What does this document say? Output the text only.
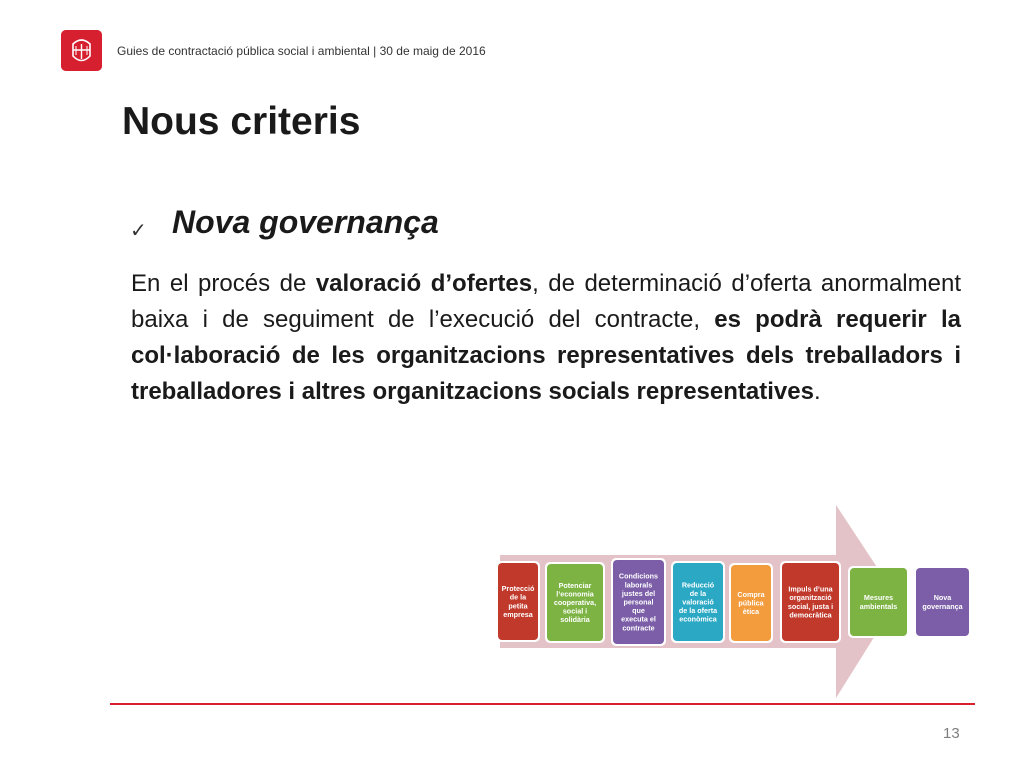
Guies de contractació pública social i ambiental | 30 de maig de 2016
Nous criteris
✓ Nova governança

En el procés de valoració d’ofertes, de determinació d’oferta anormalment baixa i de seguiment de l’execució del contracte, es podrà requerir la col·laboració de les organitzacions representatives dels treballadors i treballadores i altres organitzacions socials representatives.

Protecció
de la
petita
empresa
Potenciar
l’economia
cooperativa,
social i
solidària
Condicions
laborals
justes del
personal
que
executa el
contracte
Reducció
de la
valoració
de la oferta
econòmica
Compra
pública
ètica
Impuls d’una
organització
social, justa i
democràtica
Mesures
ambientals
Nova
governança
13
